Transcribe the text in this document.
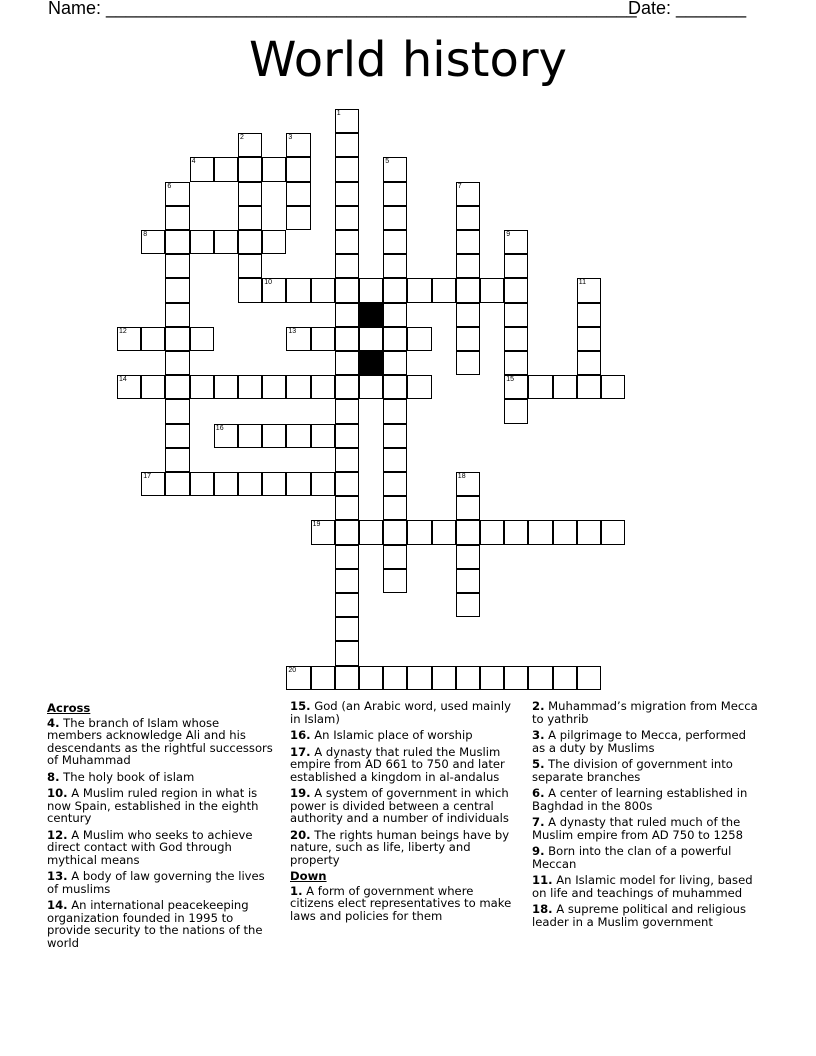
Name: _____________________________________________________
Date: _______
World history
1
2	3
4	5
6	7
8	9
15
10	11
12	13
14
16
17	18
19
20
Across
4. The branch of Islam whose members acknowledge Ali and his descendants as the rightful successors of Muhammad
8. The holy book of islam
10. A Muslim ruled region in what is now Spain, established in the eighth century
12. A Muslim who seeks to achieve direct contact with God through mythical means
13. A body of law governing the lives of muslims
14. An international peacekeeping organization founded in 1995 to provide security to the nations of the world
15. God (an Arabic word, used mainly in Islam)
16. An Islamic place of worship
17. A dynasty that ruled the Muslim empire from AD 661 to 750 and later established a kingdom in al-andalus
19. A system of government in which power is divided between a central authority and a number of individuals
20. The rights human beings have by nature, such as life, liberty and property
Down
1. A form of government where citizens elect representatives to make laws and policies for them
2. Muhammad’s migration from Mecca to yathrib
3. A pilgrimage to Mecca, performed as a duty by Muslims
5. The division of government into separate branches
6. A center of learning established in Baghdad in the 800s
7. A dynasty that ruled much of the Muslim empire from AD 750 to 1258
9. Born into the clan of a powerful Meccan
11. An Islamic model for living, based on life and teachings of muhammed
18. A supreme political and religious leader in a Muslim government
